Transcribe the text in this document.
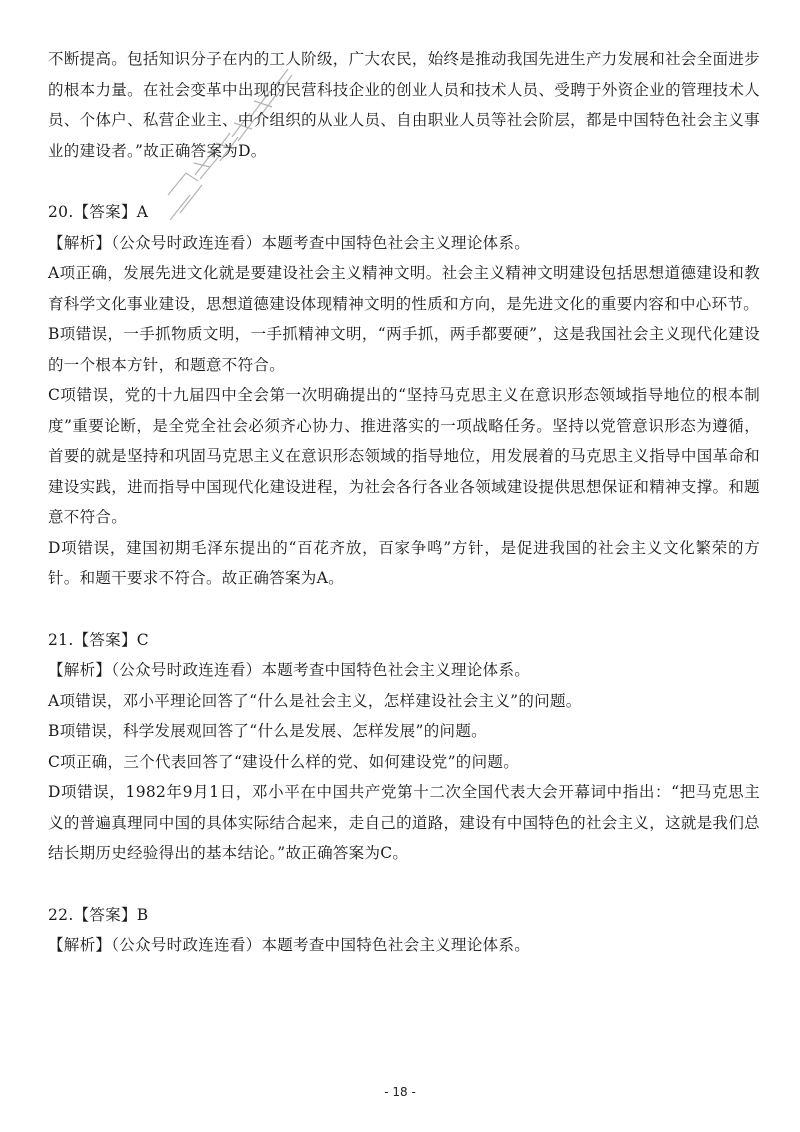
不断提高。包括知识分子在内的工人阶级，广大农民，始终是推动我国先进生产力发展和社会全面进步的根本力量。在社会变革中出现的民营科技企业的创业人员和技术人员、受聘于外资企业的管理技术人员、个体户、私营企业主、中介组织的从业人员、自由职业人员等社会阶层，都是中国特色社会主义事业的建设者。”故正确答案为D。

20.【答案】A

【解析】（公众号时政连连看）本题考查中国特色社会主义理论体系。

A项正确，发展先进文化就是要建设社会主义精神文明。社会主义精神文明建设包括思想道德建设和教育科学文化事业建设，思想道德建设体现精神文明的性质和方向，是先进文化的重要内容和中心环节。

B项错误，一手抓物质文明，一手抓精神文明，“两手抓，两手都要硬”，这是我国社会主义现代化建设的一个根本方针，和题意不符合。

C项错误，党的十九届四中全会第一次明确提出的“坚持马克思主义在意识形态领域指导地位的根本制度”重要论断，是全党全社会必须齐心协力、推进落实的一项战略任务。坚持以党管意识形态为遵循，首要的就是坚持和巩固马克思主义在意识形态领域的指导地位，用发展着的马克思主义指导中国革命和建设实践，进而指导中国现代化建设进程，为社会各行各业各领域建设提供思想保证和精神支撑。和题意不符合。

D项错误，建国初期毛泽东提出的“百花齐放，百家争鸣”方针，是促进我国的社会主义文化繁荣的方针。和题干要求不符合。故正确答案为A。

21.【答案】C

【解析】（公众号时政连连看）本题考查中国特色社会主义理论体系。

A项错误，邓小平理论回答了“什么是社会主义，怎样建设社会主义”的问题。

B项错误，科学发展观回答了“什么是发展、怎样发展”的问题。

C项正确，三个代表回答了“建设什么样的党、如何建设党”的问题。

D项错误，1982年9月1日，邓小平在中国共产党第十二次全国代表大会开幕词中指出：“把马克思主义的普遍真理同中国的具体实际结合起来，走自己的道路，建设有中国特色的社会主义，这就是我们总结长期历史经验得出的基本结论。”故正确答案为C。

22.【答案】B

【解析】（公众号时政连连看）本题考查中国特色社会主义理论体系。

- 18 -
